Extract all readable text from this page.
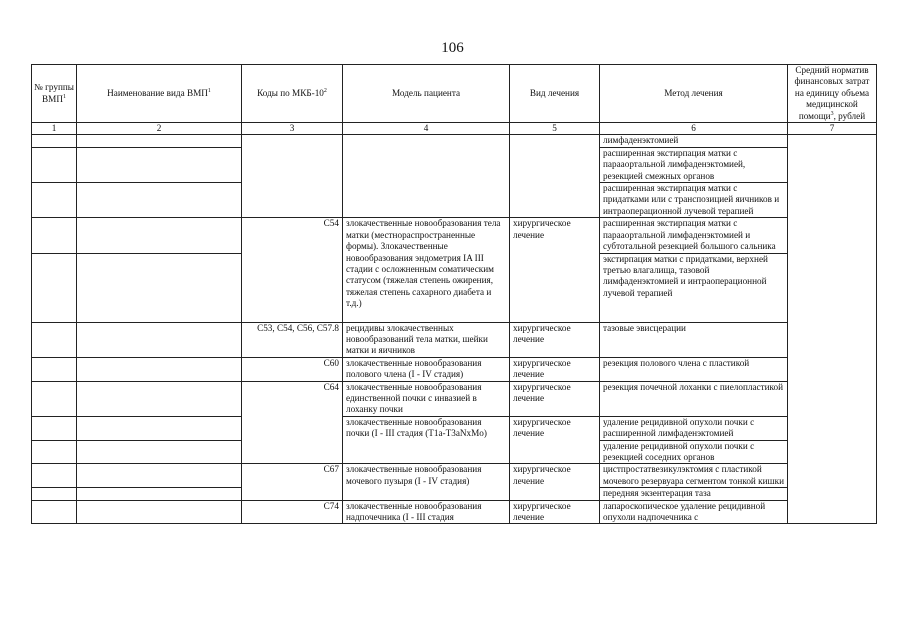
106
№ группы ВМП$^1$	Наименование вида ВМП$^1$	Коды по МКБ-$10^2$	Модель пациента	Вид лечения	Метод лечения	Средний норматив финансовых затрат на единицу объема медицинской помощи$^3$, рублей
1	2	3	4	5	6	7
					лимфаденэктомией	
					расширенная экстирпация матки с парааортальной лимфаденэктомией, резекцией смежных органов	
					расширенная экстирпация матки с придатками или с транспозицией яичников и интраоперационной лучевой терапией	
		С54	злокачественные новообразования тела матки (местнораспространенные формы). Злокачественные новообразования эндометрия IA III стадии с осложненным соматическим статусом (тяжелая степень ожирения, тяжелая степень сахарного диабета и т.д.)	хирургическое лечение	расширенная экстирпация матки с парааортальной лимфаденэктомией и субтотальной резекцией большого сальника	
					экстирпация матки с придатками, верхней третью влагалища, тазовой лимфаденэктомией и интраоперационной лучевой терапией	
		С53, С54, С56, С57.8	рецидивы злокачественных новообразований тела матки, шейки матки и яичников	хирургическое лечение	тазовые эвисцерации	
		С60	злокачественные новообразования полового члена (I - IV стадия)	хирургическое лечение	резекция полового члена с пластикой	
		С64	злокачественные новообразования единственной почки с инвазией в лоханку почки	хирургическое лечение	резекция почечной лоханки с пиелопластикой	
			злокачественные новообразования почки (I - III стадия (T1a-T3aNxMo)	хирургическое лечение	удаление рецидивной опухоли почки с расширенной лимфаденэктомией	
					удаление рецидивной опухоли почки с резекцией соседних органов	
		С67	злокачественные новообразования мочевого пузыря (I - IV стадия)	хирургическое лечение	цистпростатвезикулэктомия с пластикой мочевого резервуара сегментом тонкой кишки	
					передняя экзентерация таза	
		С74	злокачественные новообразования надпочечника (I - III стадия	хирургическое лечение	лапароскопическое удаление рецидивной опухоли надпочечника с	
